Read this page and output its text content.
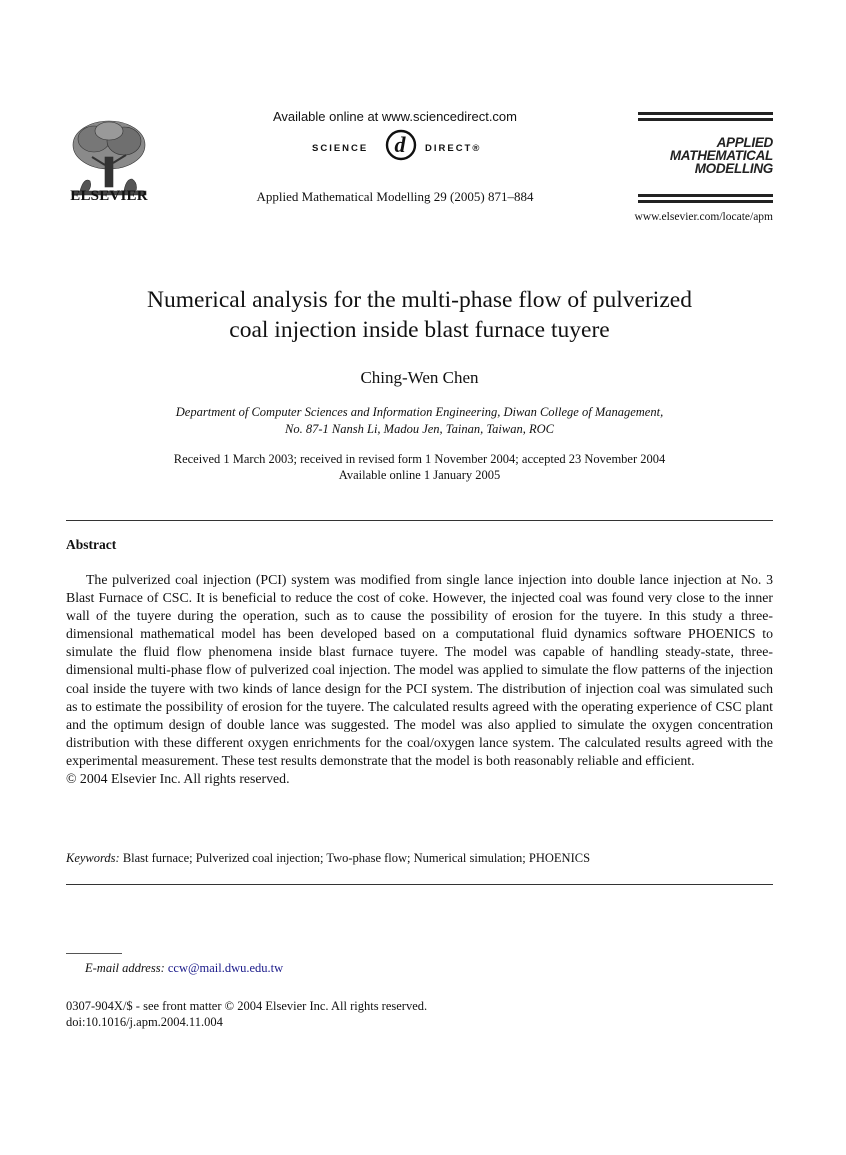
ELSEVIER
Available online at www.sciencedirect.com
SCIENCE d DIRECT®
Applied Mathematical Modelling 29 (2005) 871–884
APPLIED
MATHEMATICAL
MODELLING
www.elsevier.com/locate/apm
Numerical analysis for the multi-phase flow of pulverized
coal injection inside blast furnace tuyere
Ching-Wen Chen
Department of Computer Sciences and Information Engineering, Diwan College of Management,
No. 87-1 Nansh Li, Madou Jen, Tainan, Taiwan, ROC
Received 1 March 2003; received in revised form 1 November 2004; accepted 23 November 2004
Available online 1 January 2005
Abstract

The pulverized coal injection (PCI) system was modified from single lance injection into double lance injection at No. 3 Blast Furnace of CSC. It is beneficial to reduce the cost of coke. However, the injected coal was found very close to the inner wall of the tuyere during the operation, such as to cause the possibility of erosion for the tuyere. In this study a three-dimensional mathematical model has been developed based on a computational fluid dynamics software PHOENICS to simulate the fluid flow phenomena inside blast furnace tuyere. The model was capable of handling steady-state, three-dimensional multi-phase flow of pulverized coal injection. The model was applied to simulate the flow patterns of the injection coal inside the tuyere with two kinds of lance design for the PCI system. The distribution of injection coal was simulated such as to estimate the possibility of erosion for the tuyere. The calculated results agreed with the operating experience of CSC plant and the optimum design of double lance was suggested. The model was also applied to simulate the oxygen concentration distribution with these different oxygen enrichments for the coal/oxygen lance system. The calculated results agreed with the experimental measurement. These test results demonstrate that the model is both reasonably reliable and efficient.

© 2004 Elsevier Inc. All rights reserved.

Keywords: Blast furnace; Pulverized coal injection; Two-phase flow; Numerical simulation; PHOENICS
E-mail address: ccw@mail.dwu.edu.tw
0307-904X/$ - see front matter © 2004 Elsevier Inc. All rights reserved.
doi:10.1016/j.apm.2004.11.004
